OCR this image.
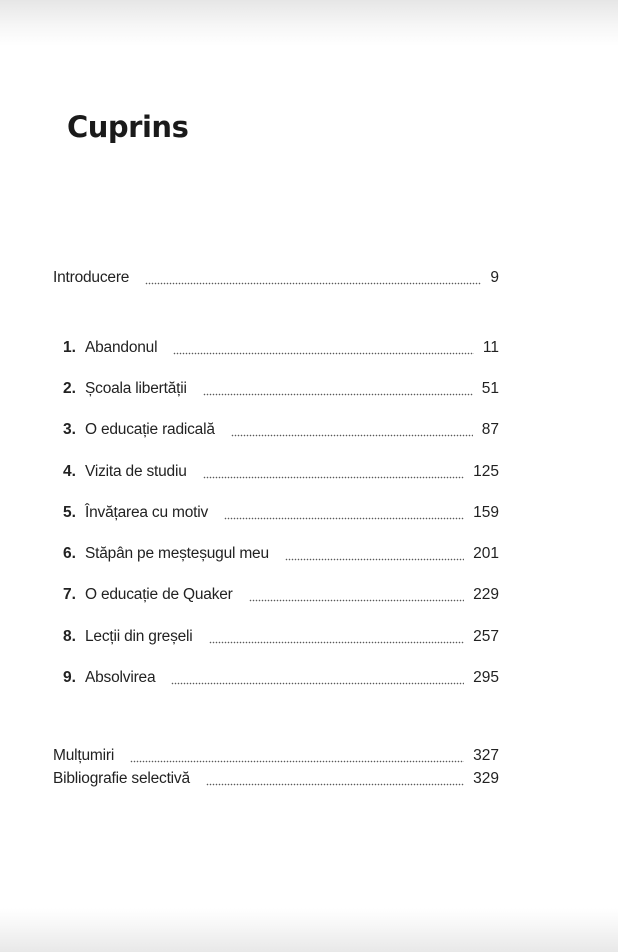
Cuprins
Introducere	9
1. Abandonul	11
2. Școala libertății	51
3. O educație radicală	87
4. Vizita de studiu	125
5. Învățarea cu motiv	159
6. Stăpân pe meșteșugul meu	201
7. O educație de Quaker	229
8. Lecții din greșeli	257
9. Absolvirea	295
Mulțumiri	327
Bibliografie selectivă	329
